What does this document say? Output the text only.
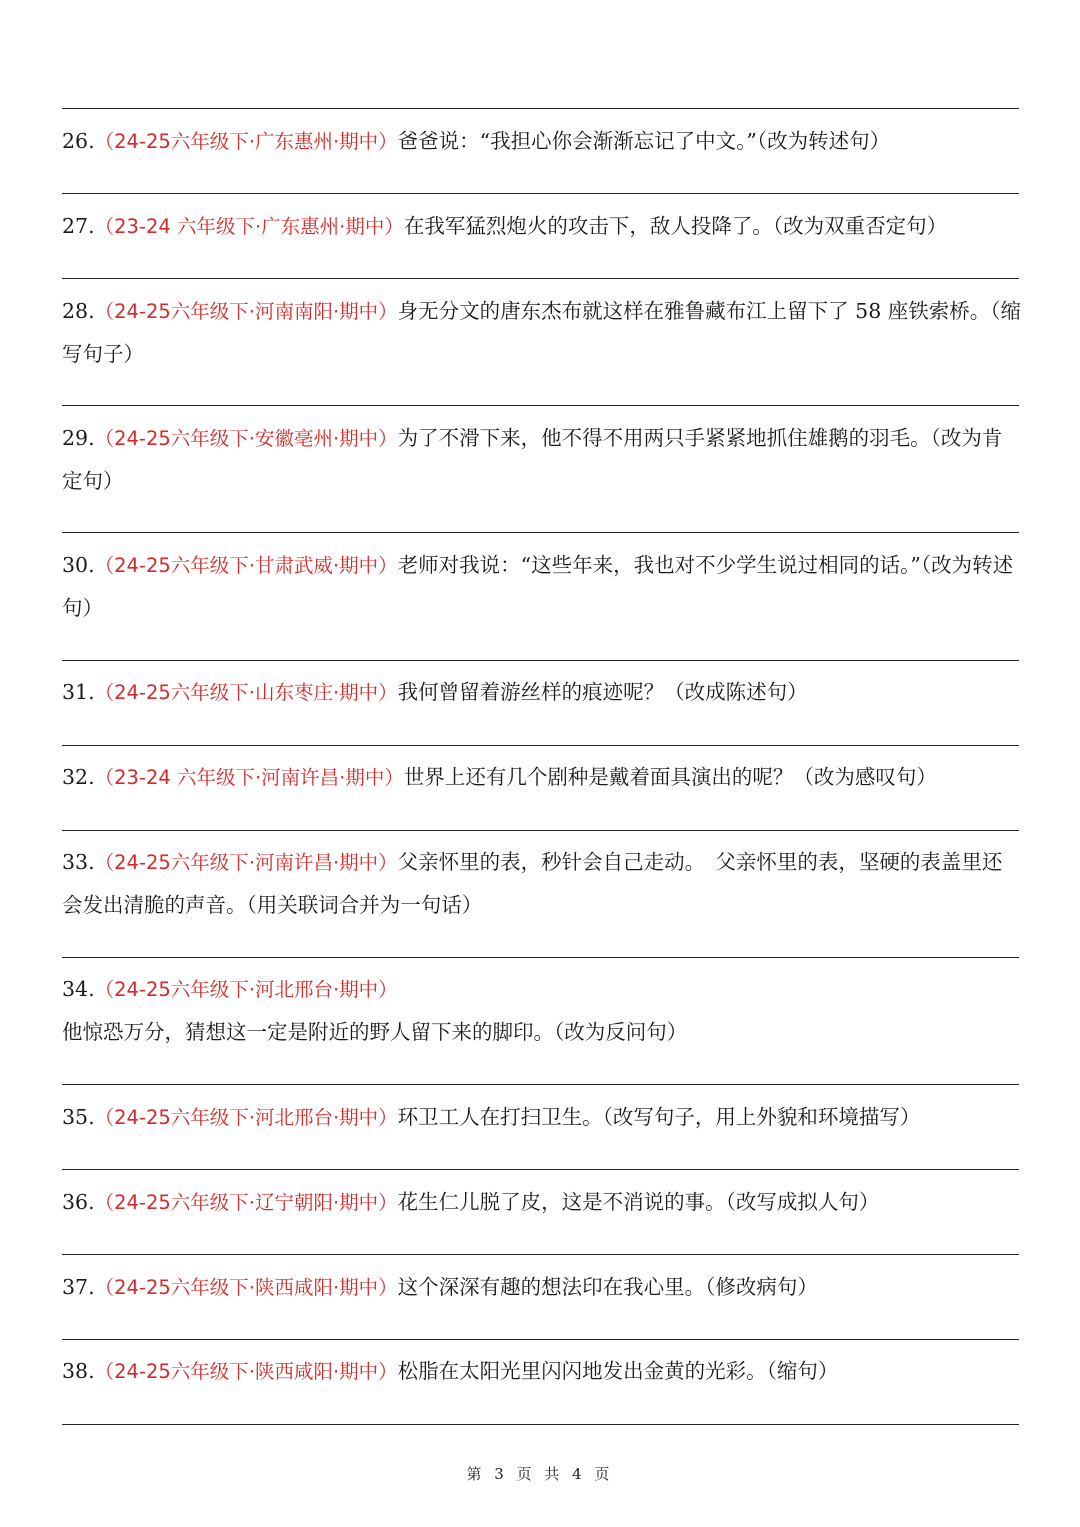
26.（24-25六年级下·广东惠州·期中）爸爸说：“我担心你会渐渐忘记了中文。”（改为转述句）
27.（23-24 六年级下·广东惠州·期中）在我军猛烈炮火的攻击下，敌人投降了。（改为双重否定句）
28.（24-25六年级下·河南南阳·期中）身无分文的唐东杰布就这样在雅鲁藏布江上留下了 58 座铁索桥。（缩写句子）
29.（24-25六年级下·安徽亳州·期中）为了不滑下来，他不得不用两只手紧紧地抓住雄鹅的羽毛。（改为肯定句）
30.（24-25六年级下·甘肃武威·期中）老师对我说：“这些年来，我也对不少学生说过相同的话。”（改为转述句）
31.（24-25六年级下·山东枣庄·期中）我何曾留着游丝样的痕迹呢？（改成陈述句）
32.（23-24 六年级下·河南许昌·期中）世界上还有几个剧种是戴着面具演出的呢？（改为感叹句）
33.（24-25六年级下·河南许昌·期中）父亲怀里的表，秒针会自己走动。　父亲怀里的表，坚硬的表盖里还会发出清脆的声音。（用关联词合并为一句话）
34.（24-25六年级下·河北邢台·期中）他惊恐万分，猜想这一定是附近的野人留下来的脚印。（改为反问句）
35.（24-25六年级下·河北邢台·期中）环卫工人在打扫卫生。（改写句子，用上外貌和环境描写）
36.（24-25六年级下·辽宁朝阳·期中）花生仁儿脱了皮，这是不消说的事。（改写成拟人句）
37.（24-25六年级下·陕西咸阳·期中）这个深深有趣的想法印在我心里。（修改病句）
38.（24-25六年级下·陕西咸阳·期中）松脂在太阳光里闪闪地发出金黄的光彩。（缩句）
第 3 页 共 4 页
